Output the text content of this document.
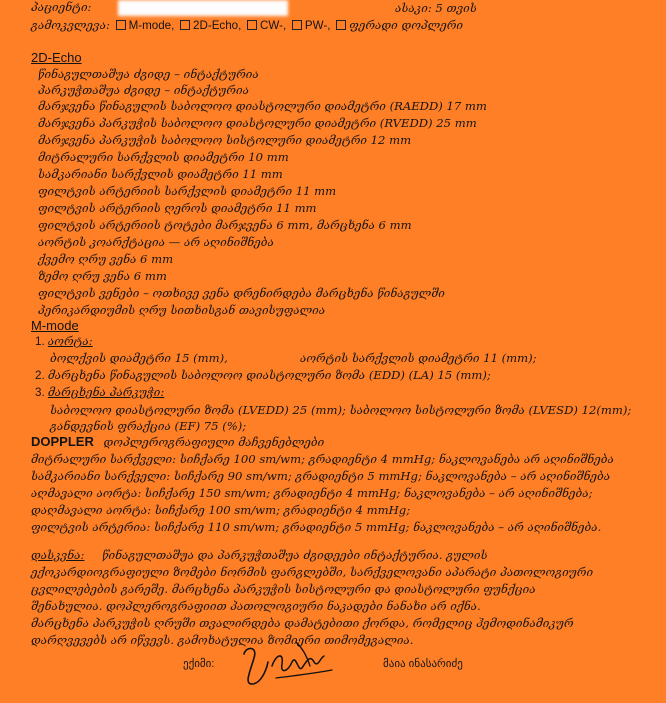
პაციენტი:	ასაკი: 5 თვის
გამოკვლევა: M-mode, 2D-Echo, CW-, PW-, ფერადი დოპლერი
2D-Echo
წინაგულთაშუა ძგიდე – ინტაქტურია
პარკუჭთაშუა ძგიდე – ინტაქტურია
მარჯვენა წინაგულის საბოლოო დიასტოლური დიამეტრი (RAEDD) 17 mm
მარჯვენა პარკუჭის საბოლოო დიასტოლური დიამეტრი (RVEDD) 25 mm
მარჯვენა პარკუჭის საბოლოო სისტოლური დიამეტრი 12 mm
მიტრალური სარქვლის დიამეტრი 10 mm
სამკარიანი სარქვლის დიამეტრი 11 mm
ფილტვის არტერიის სარქვლის დიამეტრი 11 mm
ფილტვის არტერიის ღეროს დიამეტრი 11 mm
ფილტვის არტერიის ტოტები მარჯვენა 6 mm, მარცხენა 6 mm
აორტის კოარქტაცია — არ აღინიშნება
ქვემო ღრუ ვენა 6 mm
ზემო ღრუ ვენა 6 mm
ფილტვის ვენები – ოთხივე ვენა დრენირდება მარცხენა წინაგულში
პერიკარდიუმის ღრუ სითხისგან თავისუფალია
M-mode
1. აორტა:
ბოლქვის დიამეტრი 15 (mm),	აორტის სარქვლის დიამეტრი 11 (mm);
2. მარცხენა წინაგულის საბოლოო დიასტოლური ზომა (EDD) (LA) 15 (mm);
3. მარცხენა პარკუჭი:
საბოლოო დიასტოლური ზომა (LVEDD) 25 (mm); საბოლოო სისტოლური ზომა (LVESD) 12(mm);
განდევნის ფრაქცია (EF) 75 (%);
DOPPLER დოპლეროგრაფიული მაჩვენებლები
მიტრალური სარქველი: სიჩქარე 100 sm/wm; გრადიენტი 4 mmHg; ნაკლოვანება არ აღინიშნება
სამკარიანი სარქველი: სიჩქარე 90 sm/wm; გრადიენტი 5 mmHg; ნაკლოვანება – არ აღინიშნება
აღმავალი აორტა: სიჩქარე 150 sm/wm; გრადიენტი 4 mmHg; ნაკლოვანება – არ აღინიშნება;
დაღმავალი აორტა: სიჩქარე 100 sm/wm; გრადიენტი 4 mmHg;
ფილტვის არტერია: სიჩქარე 110 sm/wm; გრადიენტი 5 mmHg; ნაკლოვანება – არ აღინიშნება.
დასკვნა: წინაგულთაშუა და პარკუჭთაშუა ძგიდეები ინტაქტურია. გულის
ექოკარდიოგრაფიული ზომები ნორმის ფარგლებში, სარქველოვანი აპარატი პათოლოგიური
ცვლილებების გარეშე. მარცხენა პარკუჭის სისტოლური და დიასტოლური ფუნქცია
შენახულია. დოპლეროგრაფიით პათოლოგიური ნაკადები ნანახი არ იქნა.
მარცხენა პარკუჭის ღრუში თვალირდება დამატებითი ქორდა, რომელიც ჰემოდინამიკურ
დარღვევებს არ იწვევს. გამოხატულია ზომიერი თიმომეგალია.
ექიმი:	მაია ინასარიძე
